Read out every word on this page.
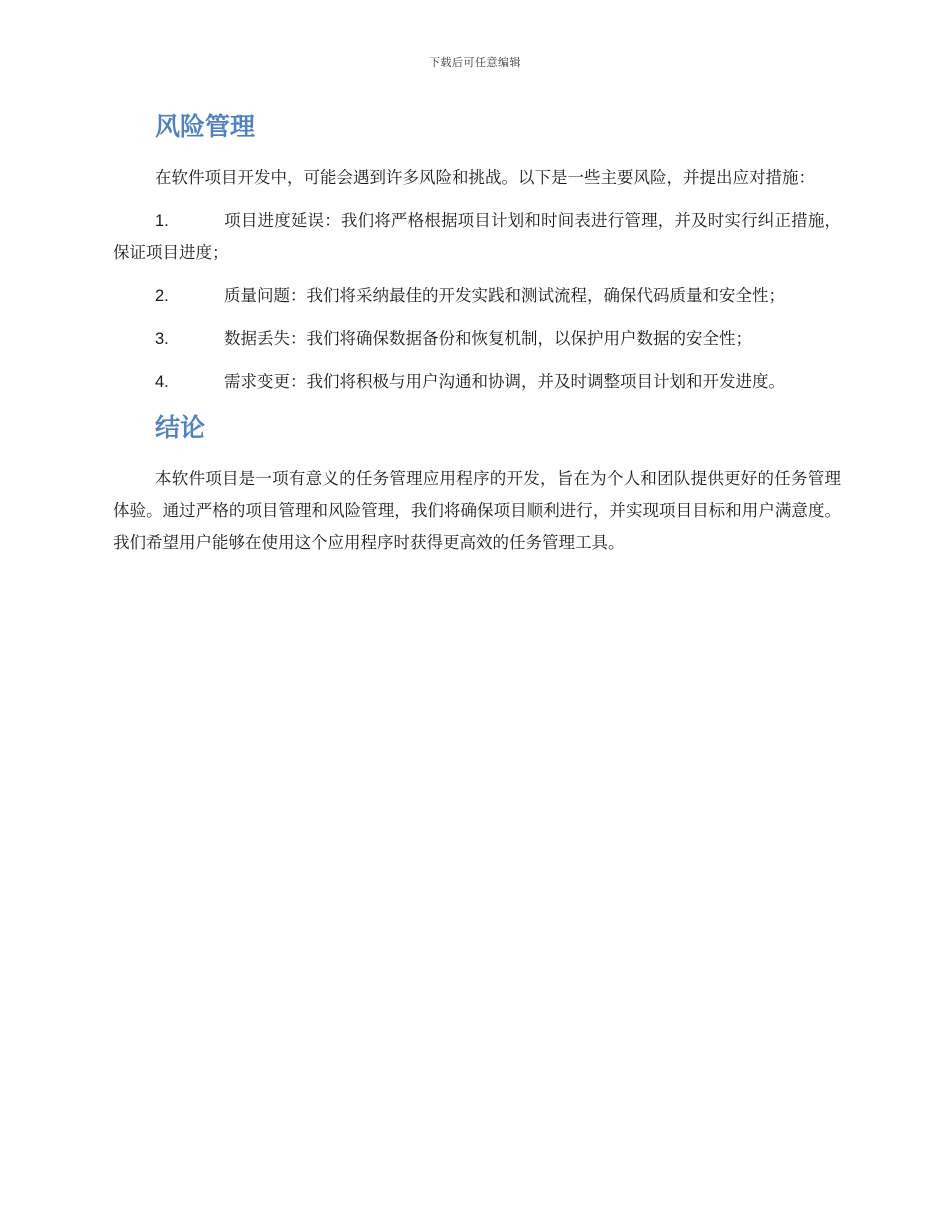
下载后可任意编辑
风险管理

在软件项目开发中，可能会遇到许多风险和挑战。以下是一些主要风险，并提出应对措施：

1.	项目进度延误：我们将严格根据项目计划和时间表进行管理，并及时实行纠正措施，保证项目进度；
2.	质量问题：我们将采纳最佳的开发实践和测试流程，确保代码质量和安全性；
3.	数据丢失：我们将确保数据备份和恢复机制，以保护用户数据的安全性；
4.	需求变更：我们将积极与用户沟通和协调，并及时调整项目计划和开发进度。
结论

本软件项目是一项有意义的任务管理应用程序的开发，旨在为个人和团队提供更好的任务管理体验。通过严格的项目管理和风险管理，我们将确保项目顺利进行，并实现项目目标和用户满意度。我们希望用户能够在使用这个应用程序时获得更高效的任务管理工具。
